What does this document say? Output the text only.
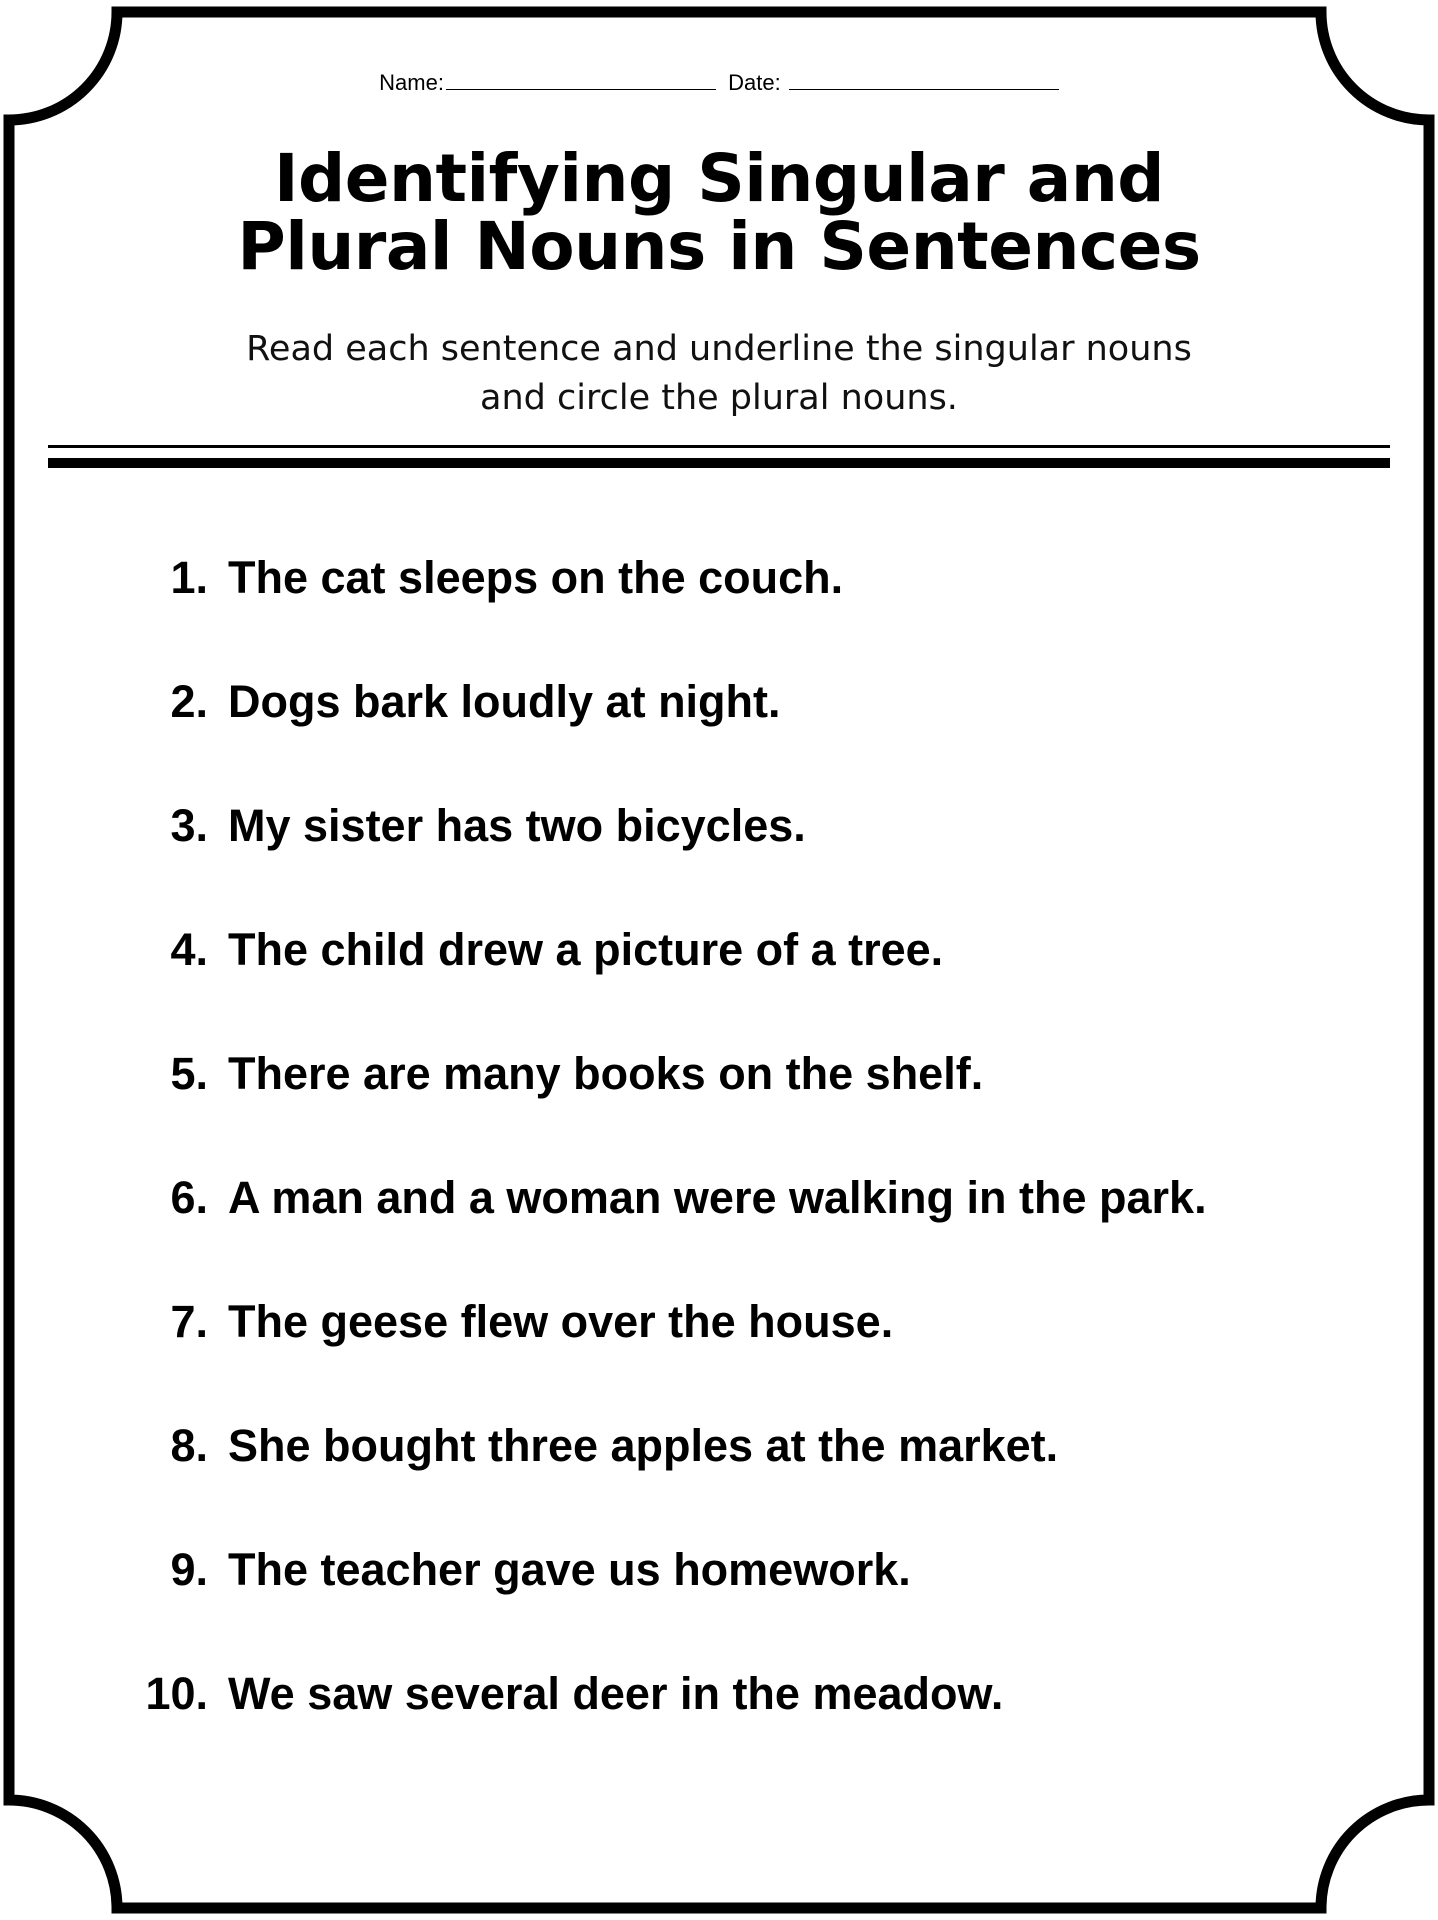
Name:	Date:
Identifying Singular and
Plural Nouns in Sentences
Read each sentence and underline the singular nouns
and circle the plural nouns.
1. The cat sleeps on the couch.
2. Dogs bark loudly at night.
3. My sister has two bicycles.
4. The child drew a picture of a tree.
5. There are many books on the shelf.
6. A man and a woman were walking in the park.
7. The geese flew over the house.
8. She bought three apples at the market.
9. The teacher gave us homework.
10. We saw several deer in the meadow.
